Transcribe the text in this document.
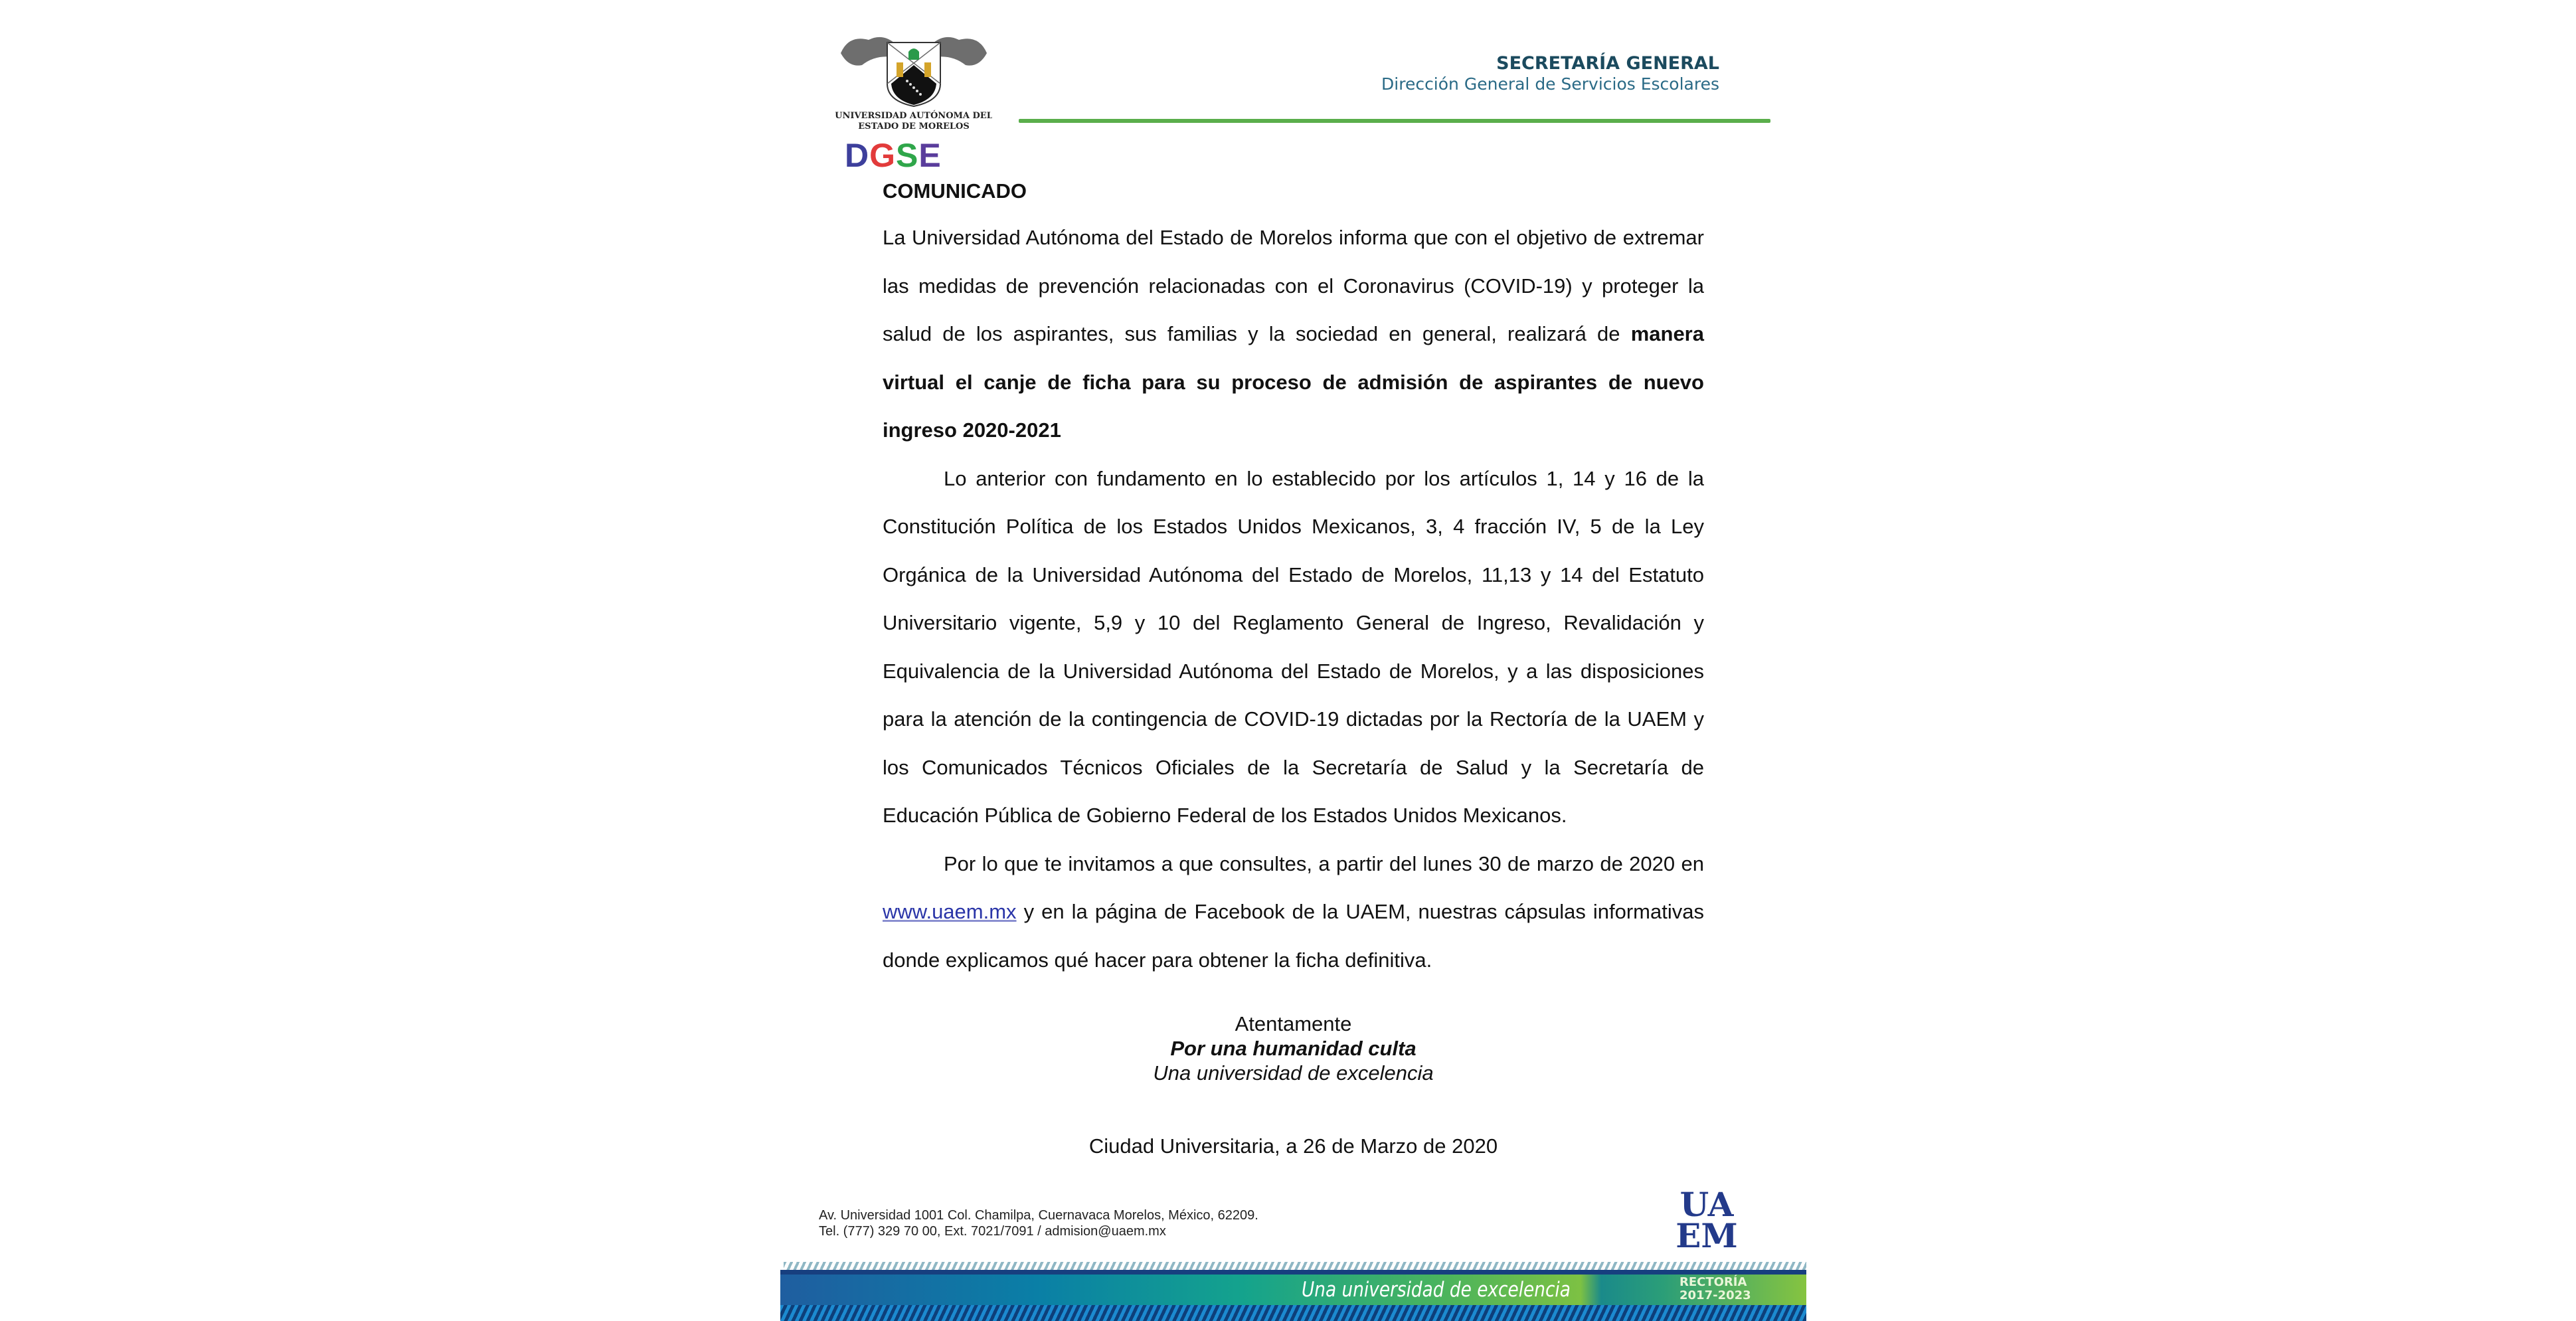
UNIVERSIDAD AUTÓNOMA DEL
ESTADO DE MORELOS
DGSE
SECRETARÍA GENERAL
Dirección General de Servicios Escolares
COMUNICADO

La Universidad Autónoma del Estado de Morelos informa que con el objetivo de extremar las medidas de prevención relacionadas con el Coronavirus (COVID-19) y proteger la salud de los aspirantes, sus familias y la sociedad en general, realizará de manera virtual el canje de ficha para su proceso de admisión de aspirantes de nuevo ingreso 2020-2021

Lo anterior con fundamento en lo establecido por los artículos 1, 14 y 16 de la Constitución Política de los Estados Unidos Mexicanos, 3, 4 fracción IV, 5 de la Ley Orgánica de la Universidad Autónoma del Estado de Morelos, 11,13 y 14 del Estatuto Universitario vigente, 5,9 y 10 del Reglamento General de Ingreso, Revalidación y Equivalencia de la Universidad Autónoma del Estado de Morelos, y a las disposiciones para la atención de la contingencia de COVID-19 dictadas por la Rectoría de la UAEM y los Comunicados Técnicos Oficiales de la Secretaría de Salud y la Secretaría de Educación Pública de Gobierno Federal de los Estados Unidos Mexicanos.

Por lo que te invitamos a que consultes, a partir del lunes 30 de marzo de 2020 en www.uaem.mx y en la página de Facebook de la UAEM, nuestras cápsulas informativas donde explicamos qué hacer para obtener la ficha definitiva.

Atentamente
Por una humanidad culta
Una universidad de excelencia
Ciudad Universitaria, a 26 de Marzo de 2020
Av. Universidad 1001 Col. Chamilpa, Cuernavaca Morelos, México, 62209.
Tel. (777) 329 70 00, Ext. 7021/7091 / admision@uaem.mx
UA
EM
Una universidad de excelencia	RECTORÍA
2017-2023
